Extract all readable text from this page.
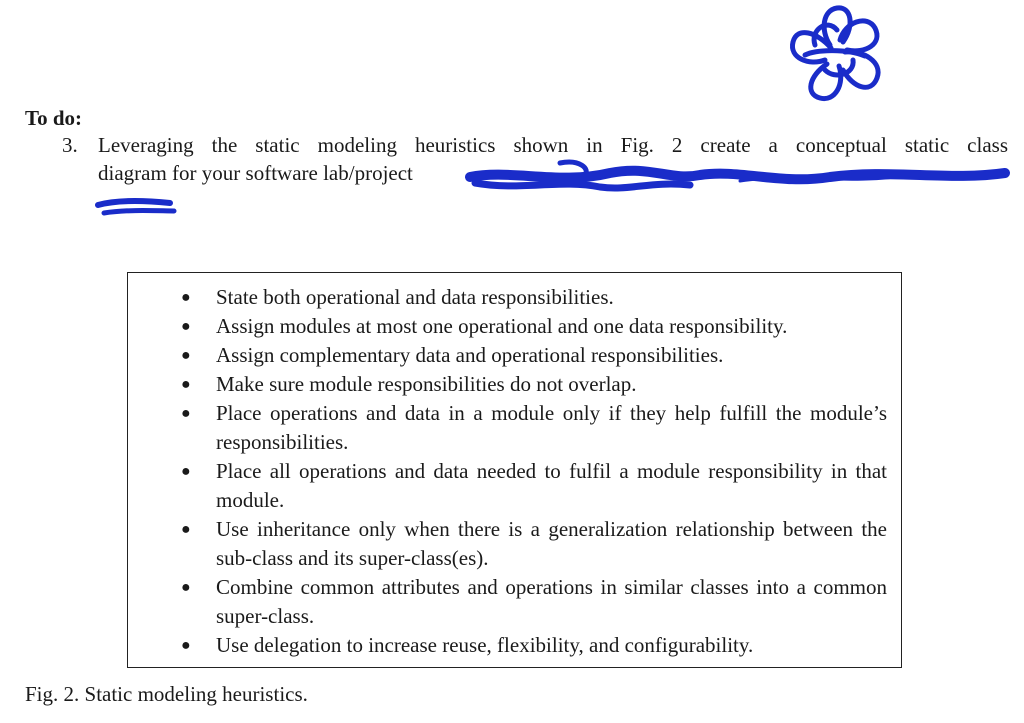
To do:
3. Leveraging the static modeling heuristics shown in Fig. 2 create a conceptual static class
diagram for your software lab/project
● State both operational and data responsibilities.
● Assign modules at most one operational and one data responsibility.
● Assign complementary data and operational responsibilities.
● Make sure module responsibilities do not overlap.
● Place operations and data in a module only if they help fulfill the module’s responsibilities.
● Place all operations and data needed to fulfil a module responsibility in that module.
● Use inheritance only when there is a generalization relationship between the sub-class and its super-class(es).
● Combine common attributes and operations in similar classes into a common super-class.
● Use delegation to increase reuse, flexibility, and configurability.
Fig. 2. Static modeling heuristics.
